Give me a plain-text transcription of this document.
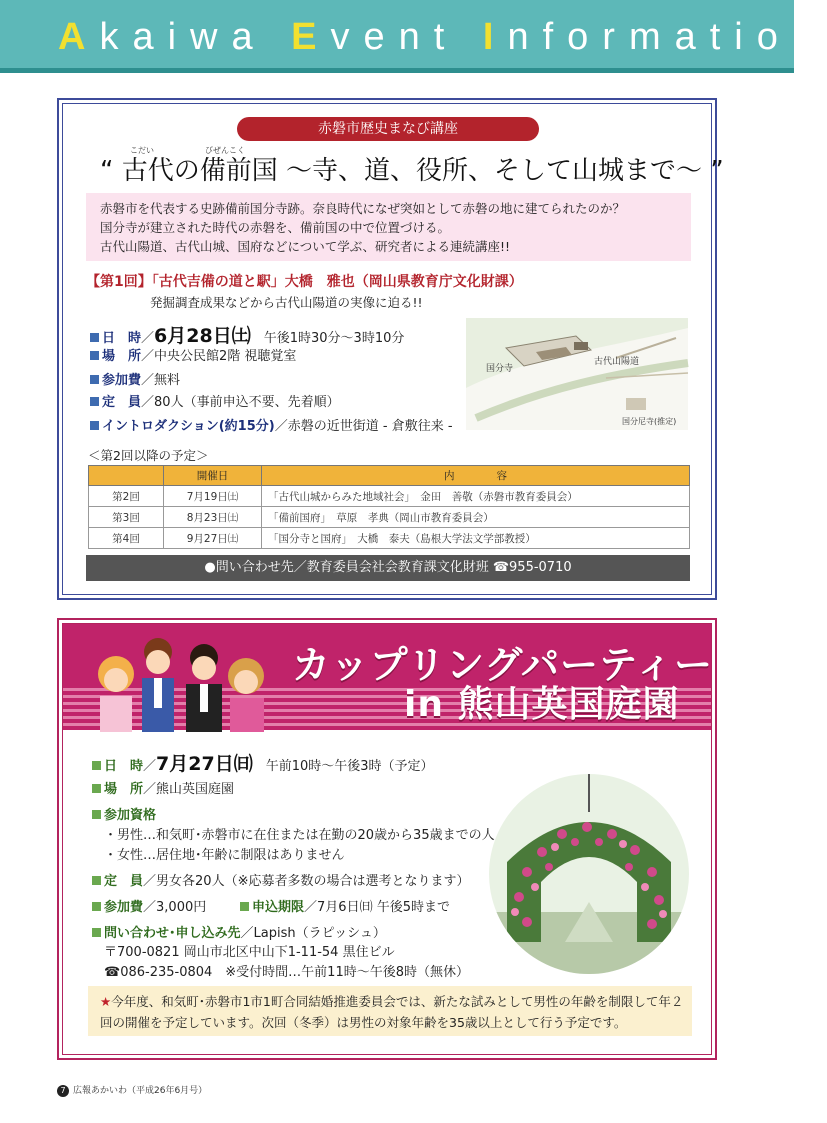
Akaiwa Event Information
赤磐市歴史まなび講座
こだい	びぜんこく
“ 古代の備前国 〜寺、道、役所、そして山城まで〜 ”
赤磐市を代表する史跡備前国分寺跡。奈良時代になぜ突如として赤磐の地に建てられたのか？
国分寺が建立された時代の赤磐を、備前国の中で位置づける。
古代山陽道、古代山城、国府などについて学ぶ、研究者による連続講座!!
【第1回】「古代吉備の道と駅」大橋　雅也（岡山県教育庁文化財課）
発掘調査成果などから古代山陽道の実像に迫る!!
日　時／6月28日㈯　 午後1時30分〜3時10分
場　所／中央公民館2階 視聴覚室
参加費／無料
定　員／80人（事前申込不要、先着順）
イントロダクション(約15分)／赤磐の近世街道 - 倉敷往来 -
古代山陽道
国分寺
国分尼寺(推定)
＜第2回以降の予定＞
	開催日	内　　　　容
第2回	7月19日㈯	「古代山城からみた地域社会」　金田　善敬（赤磐市教育委員会）
第3回	8月23日㈯	「備前国府」　草原　孝典（岡山市教育委員会）
第4回	9月27日㈯	「国分寺と国府」　大橋　泰夫（島根大学法文学部教授）
●問い合わせ先／教育委員会社会教育課文化財班 ☎955-0710
カップリングパーティー
in 熊山英国庭園
日　時／7月27日㈰　 午前10時〜午後3時（予定）
場　所／熊山英国庭園
参加資格
・男性…和気町･赤磐市に在住または在勤の20歳から35歳までの人
・女性…居住地･年齢に制限はありません
定　員／男女各20人（※応募者多数の場合は選考となります）
参加費／3,000円	申込期限／7月6日㈰ 午後5時まで
問い合わせ･申し込み先／Lapish（ラピッシュ）
〒700-0821 岡山市北区中山下1-11-54 黒住ビル
☎086-235-0804　※受付時間…午前11時〜午後8時（無休）
★今年度、和気町･赤磐市1市1町合同結婚推進委員会では、新たな試みとして男性の年齢を制限して年２回の開催を予定しています。次回（冬季）は男性の対象年齢を35歳以上として行う予定です。
7 広報あかいわ（平成26年6月号）
